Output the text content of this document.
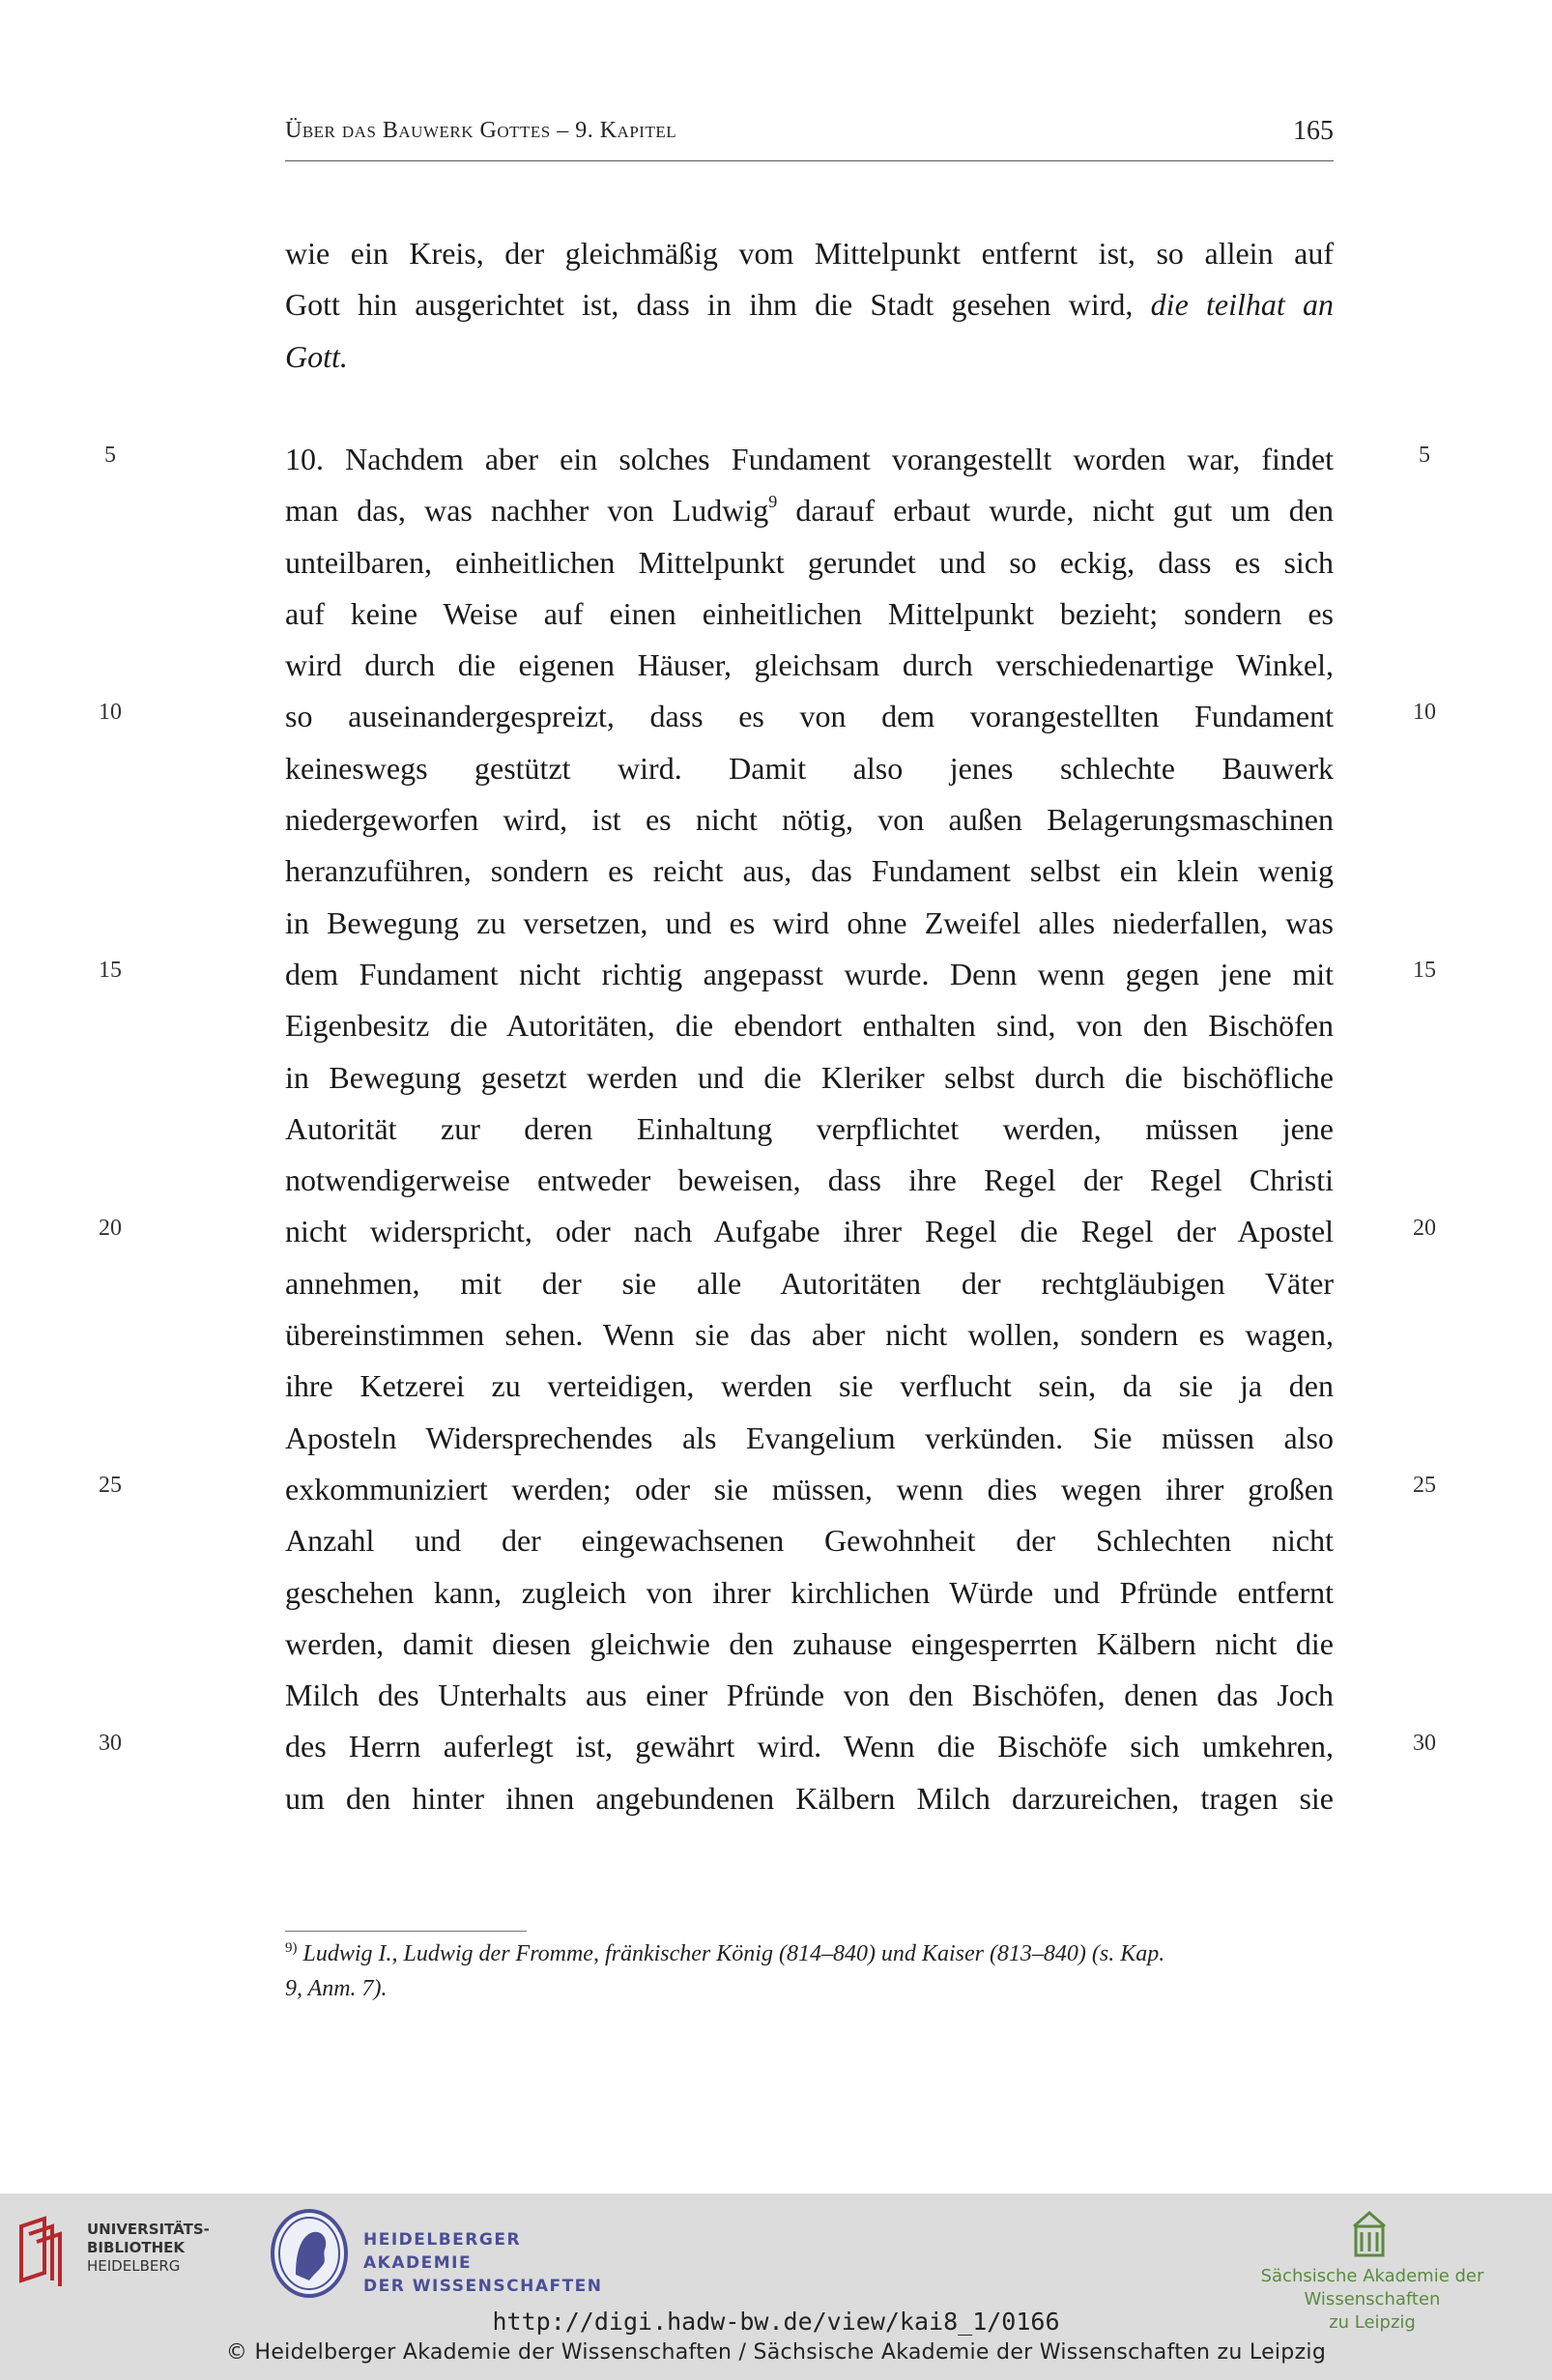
Über das Bauwerk Gottes – 9. Kapitel	165
wie ein Kreis, der gleichmäßig vom Mittelpunkt entfernt ist, so allein auf
Gott hin ausgerichtet ist, dass in ihm die Stadt gesehen wird, die teilhat an
Gott.
10. Nachdem aber ein solches Fundament vorangestellt worden war, findet
man das, was nachher von Ludwig$^9$ darauf erbaut wurde, nicht gut um den
unteilbaren, einheitlichen Mittelpunkt gerundet und so eckig, dass es sich
auf keine Weise auf einen einheitlichen Mittelpunkt bezieht; sondern es
wird durch die eigenen Häuser, gleichsam durch verschiedenartige Winkel,
so auseinandergespreizt, dass es von dem vorangestellten Fundament
keineswegs gestützt wird. Damit also jenes schlechte Bauwerk
niedergeworfen wird, ist es nicht nötig, von außen Belagerungsmaschinen
heranzuführen, sondern es reicht aus, das Fundament selbst ein klein wenig
in Bewegung zu versetzen, und es wird ohne Zweifel alles niederfallen, was
dem Fundament nicht richtig angepasst wurde. Denn wenn gegen jene mit
Eigenbesitz die Autoritäten, die ebendort enthalten sind, von den Bischöfen
in Bewegung gesetzt werden und die Kleriker selbst durch die bischöfliche
Autorität zur deren Einhaltung verpflichtet werden, müssen jene
notwendigerweise entweder beweisen, dass ihre Regel der Regel Christi
nicht widerspricht, oder nach Aufgabe ihrer Regel die Regel der Apostel
annehmen, mit der sie alle Autoritäten der rechtgläubigen Väter
übereinstimmen sehen. Wenn sie das aber nicht wollen, sondern es wagen,
ihre Ketzerei zu verteidigen, werden sie verflucht sein, da sie ja den
Aposteln Widersprechendes als Evangelium verkünden. Sie müssen also
exkommuniziert werden; oder sie müssen, wenn dies wegen ihrer großen
Anzahl und der eingewachsenen Gewohnheit der Schlechten nicht
geschehen kann, zugleich von ihrer kirchlichen Würde und Pfründe entfernt
werden, damit diesen gleichwie den zuhause eingesperrten Kälbern nicht die
Milch des Unterhalts aus einer Pfründe von den Bischöfen, denen das Joch
des Herrn auferlegt ist, gewährt wird. Wenn die Bischöfe sich umkehren,
um den hinter ihnen angebundenen Kälbern Milch darzureichen, tragen sie
5	5
10	10
15	15
20	20
25	25
30	30
$^{9)}$ Ludwig I., Ludwig der Fromme, fränkischer König (814–840) und Kaiser (813–840) (s. Kap.
9, Anm. 7).
UNIVERSITÄTS-
BIBLIOTHEK
HEIDELBERG
HEIDELBERGER AKADEMIE
DER WISSENSCHAFTEN	Sächsische Akademie der Wissenschaften
zu Leipzig
http://digi.hadw-bw.de/view/kai8_1/0166
© Heidelberger Akademie der Wissenschaften / Sächsische Akademie der Wissenschaften zu Leipzig
